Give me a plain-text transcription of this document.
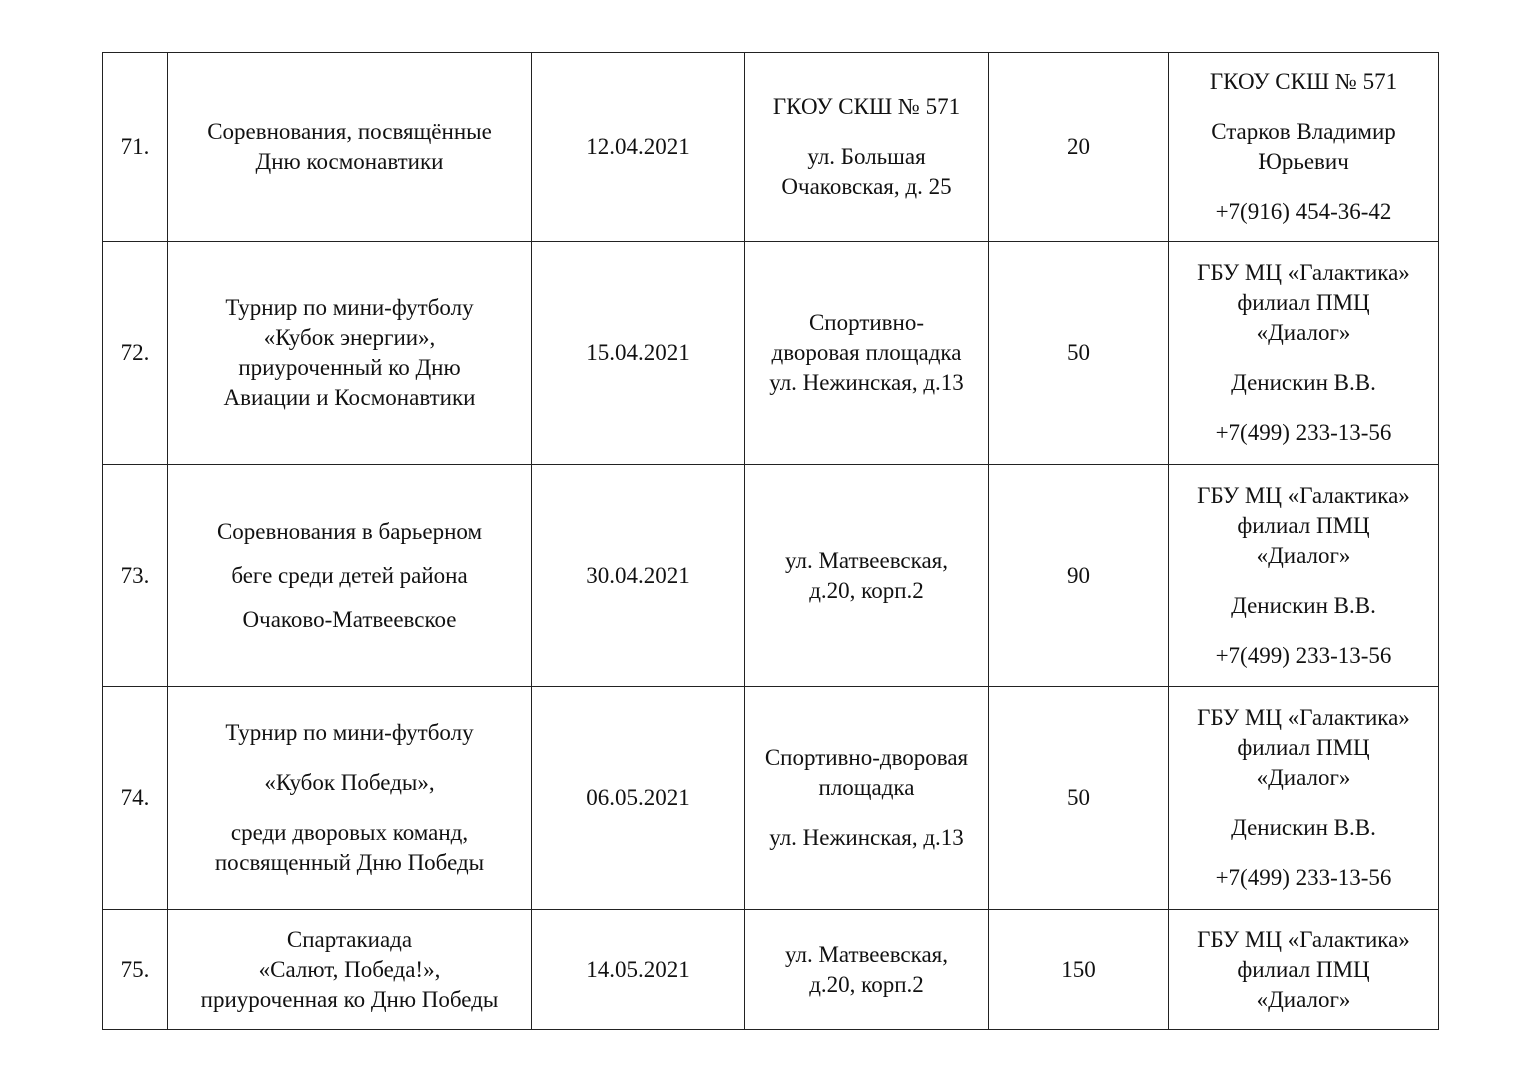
71.	Соревнования, посвящённые
Дню космонавтики	12.04.2021	ГКОУ СКШ № 571
ул. Большая
Очаковская, д. 25	20	ГКОУ СКШ № 571
Старков Владимир
Юрьевич
+7(916) 454-36-42

72.	Турнир по мини-футболу
«Кубок энергии»,
приуроченный ко Дню
Авиации и Космонавтики	15.04.2021	Спортивно-
дворовая площадка
ул. Нежинская, д.13	50	ГБУ МЦ «Галактика»
филиал ПМЦ
«Диалог»
Денискин В.В.
+7(499) 233-13-56

73.	Соревнования в барьерном
беге среди детей района
Очаково-Матвеевское	30.04.2021	ул. Матвеевская,
д.20, корп.2	90	ГБУ МЦ «Галактика»
филиал ПМЦ
«Диалог»
Денискин В.В.
+7(499) 233-13-56

74.	Турнир по мини-футболу
«Кубок Победы»,
среди дворовых команд,
посвященный Дню Победы	06.05.2021	Спортивно-дворовая
площадка
ул. Нежинская, д.13	50	ГБУ МЦ «Галактика»
филиал ПМЦ
«Диалог»
Денискин В.В.
+7(499) 233-13-56

75.	Спартакиада
«Салют, Победа!»,
приуроченная ко Дню Победы	14.05.2021	ул. Матвеевская,
д.20, корп.2	150	ГБУ МЦ «Галактика»
филиал ПМЦ
«Диалог»
